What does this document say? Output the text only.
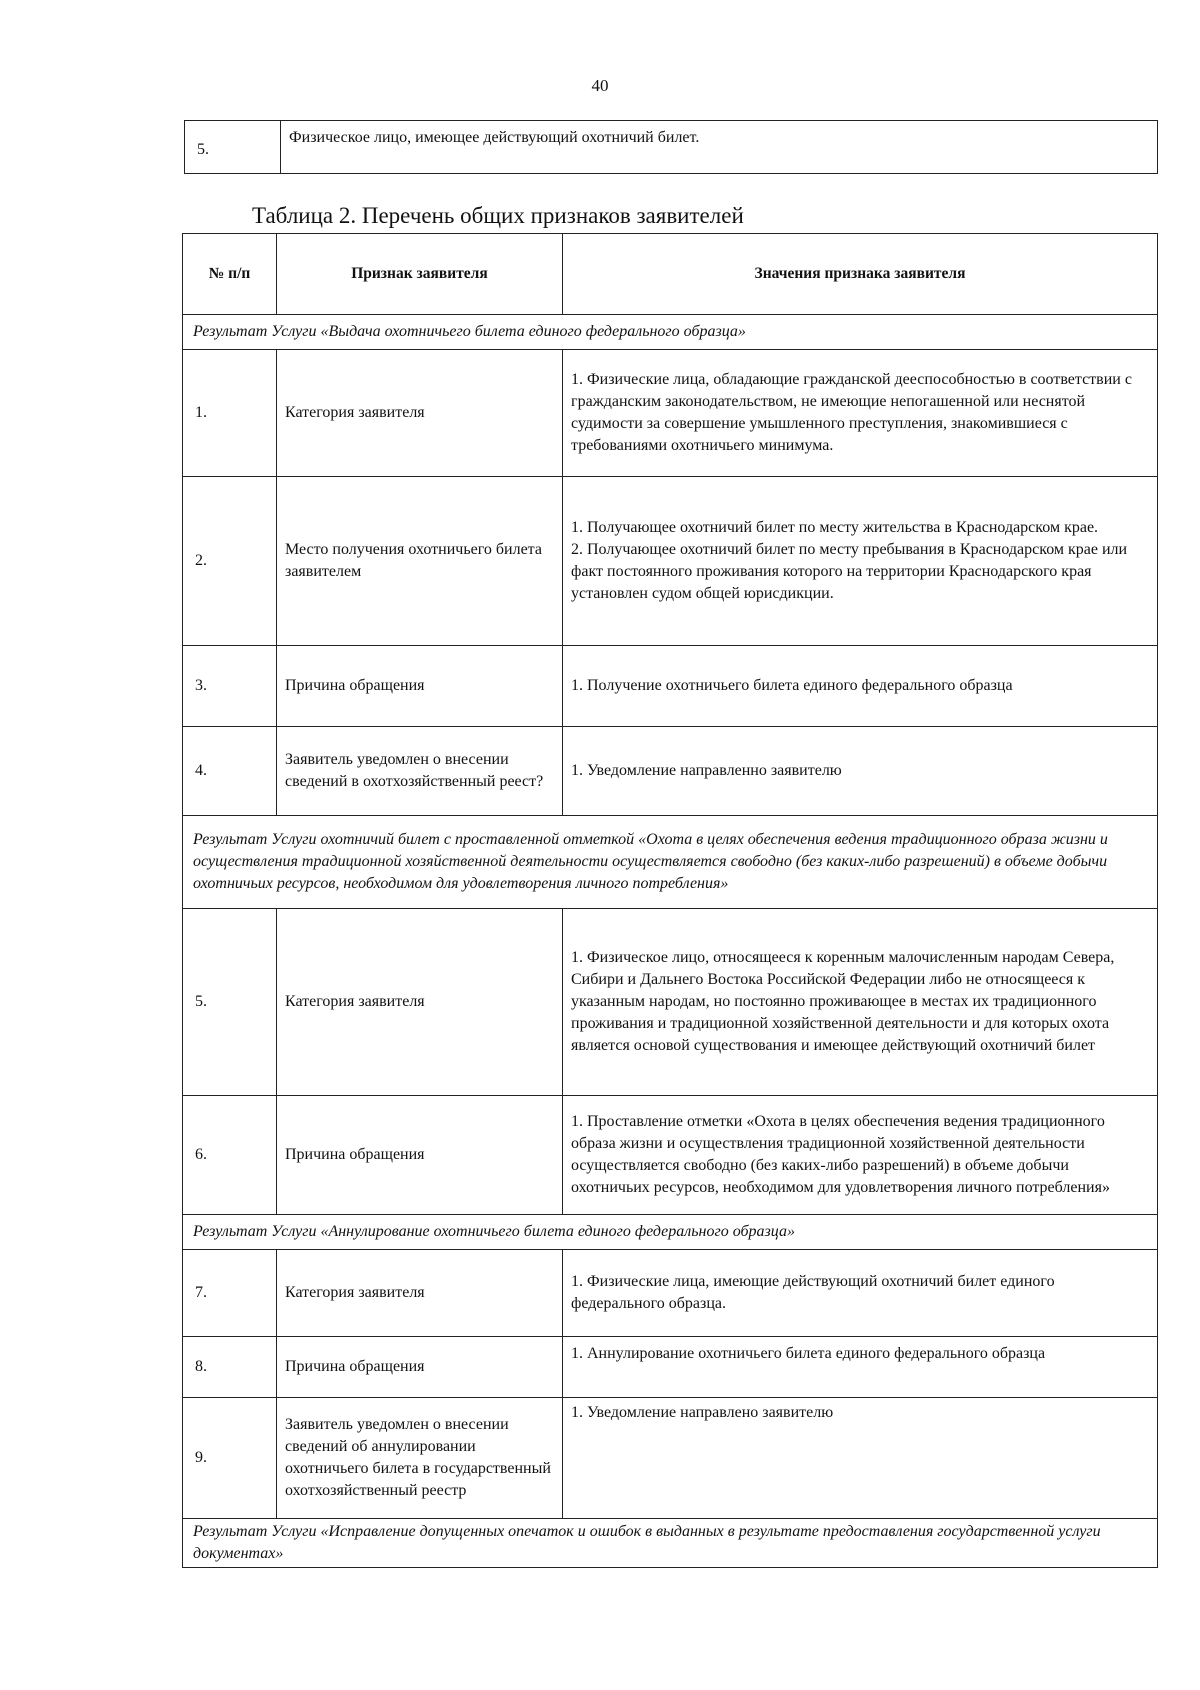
40
5.	Физическое лицо, имеющее действующий охотничий билет.
Таблица 2. Перечень общих признаков заявителей
№ п/п	Признак заявителя	Значения признака заявителя
Результат Услуги «Выдача охотничьего билета единого федерального образца»		
1.	Категория заявителя	1. Физические лица, обладающие гражданской дееспособностью в соответствии с гражданским законодательством, не имеющие непогашенной или неснятой судимости за совершение умышленного преступления, знакомившиеся с требованиями охотничьего минимума.
2.	Место получения охотничьего билета заявителем	1. Получающее охотничий билет по месту жительства в Краснодарском крае.
2. Получающее охотничий билет по месту пребывания в Краснодарском крае или факт постоянного проживания которого на территории Краснодарского края установлен судом общей юрисдикции.

3.	Причина обращения	1. Получение охотничьего билета единого федерального образца
4.	Заявитель уведомлен о внесении сведений в охотхозяйственный реест?	1. Уведомление направленно заявителю
Результат Услуги охотничий билет с проставленной отметкой «Охота в целях обеспечения ведения традиционного образа жизни и осуществления традиционной хозяйственной деятельности осуществляется свободно (без каких-либо разрешений) в объеме добычи охотничьих ресурсов, необходимом для удовлетворения личного потребления»		
5.	Категория заявителя	1. Физическое лицо, относящееся к коренным малочисленным народам Севера, Сибири и Дальнего Востока Российской Федерации либо не относящееся к указанным народам, но постоянно проживающее в местах их традиционного проживания и традиционной хозяйственной деятельности и для которых охота является основой существования и имеющее действующий охотничий билет
6.	Причина обращения	1. Проставление отметки «Охота в целях обеспечения ведения традиционного образа жизни и осуществления традиционной хозяйственной деятельности осуществляется свободно (без каких-либо разрешений) в объеме добычи охотничьих ресурсов, необходимом для удовлетворения личного потребления»
Результат Услуги «Аннулирование охотничьего билета единого федерального образца»		
7.	Категория заявителя	1. Физические лица, имеющие действующий охотничий билет единого федерального образца.
8.	Причина обращения	1. Аннулирование охотничьего билета единого федерального образца
9.	Заявитель уведомлен о внесении сведений об аннулировании охотничьего билета в государственный охотхозяйственный реестр	1. Уведомление направлено заявителю
Результат Услуги «Исправление допущенных опечаток и ошибок в выданных в результате предоставления государственной услуги документах»		
